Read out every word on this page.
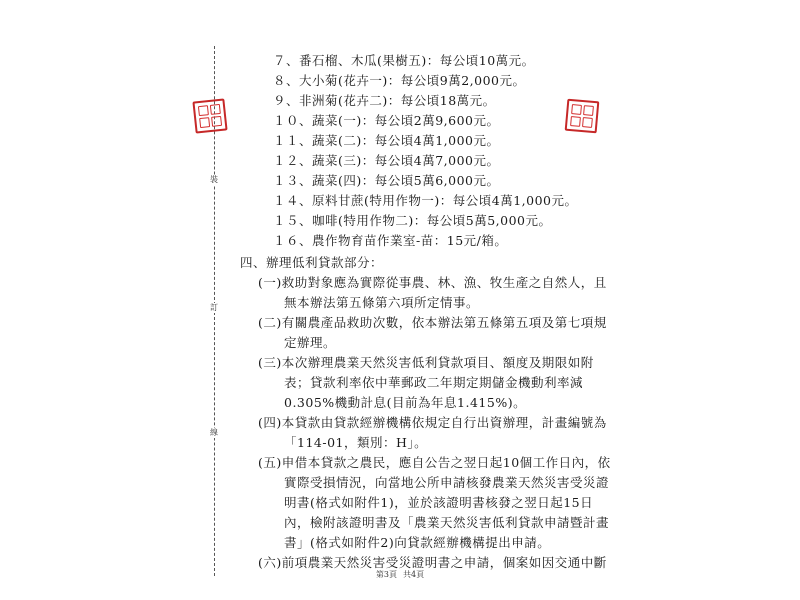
裝
訂
線
７、番石榴、木瓜(果樹五)：每公頃10萬元。
８、大小菊(花卉一)：每公頃9萬2,000元。
９、非洲菊(花卉二)：每公頃18萬元。
１０、蔬菜(一)：每公頃2萬9,600元。
１１、蔬菜(二)：每公頃4萬1,000元。
１２、蔬菜(三)：每公頃4萬7,000元。
１３、蔬菜(四)：每公頃5萬6,000元。
１４、原料甘蔗(特用作物一)：每公頃4萬1,000元。
１５、咖啡(特用作物二)：每公頃5萬5,000元。
１６、農作物育苗作業室-苗：15元/箱。
四、辦理低利貸款部分：
(一)救助對象應為實際從事農、林、漁、牧生產之自然人，且
無本辦法第五條第六項所定情事。
(二)有關農產品救助次數，依本辦法第五條第五項及第七項規
定辦理。
(三)本次辦理農業天然災害低利貸款項目、額度及期限如附
表；貸款利率依中華郵政二年期定期儲金機動利率減
0.305%機動計息(目前為年息1.415%)。
(四)本貸款由貸款經辦機構依規定自行出資辦理，計畫編號為
「114-01，類別：H」。
(五)申借本貸款之農民，應自公告之翌日起10個工作日內，依
實際受損情況，向當地公所申請核發農業天然災害受災證
明書(格式如附件1)，並於該證明書核發之翌日起15日
內，檢附該證明書及「農業天然災害低利貸款申請暨計畫
書」(格式如附件2)向貸款經辦機構提出申請。
(六)前項農業天然災害受災證明書之申請，個案如因交通中斷
第3頁 共4頁
